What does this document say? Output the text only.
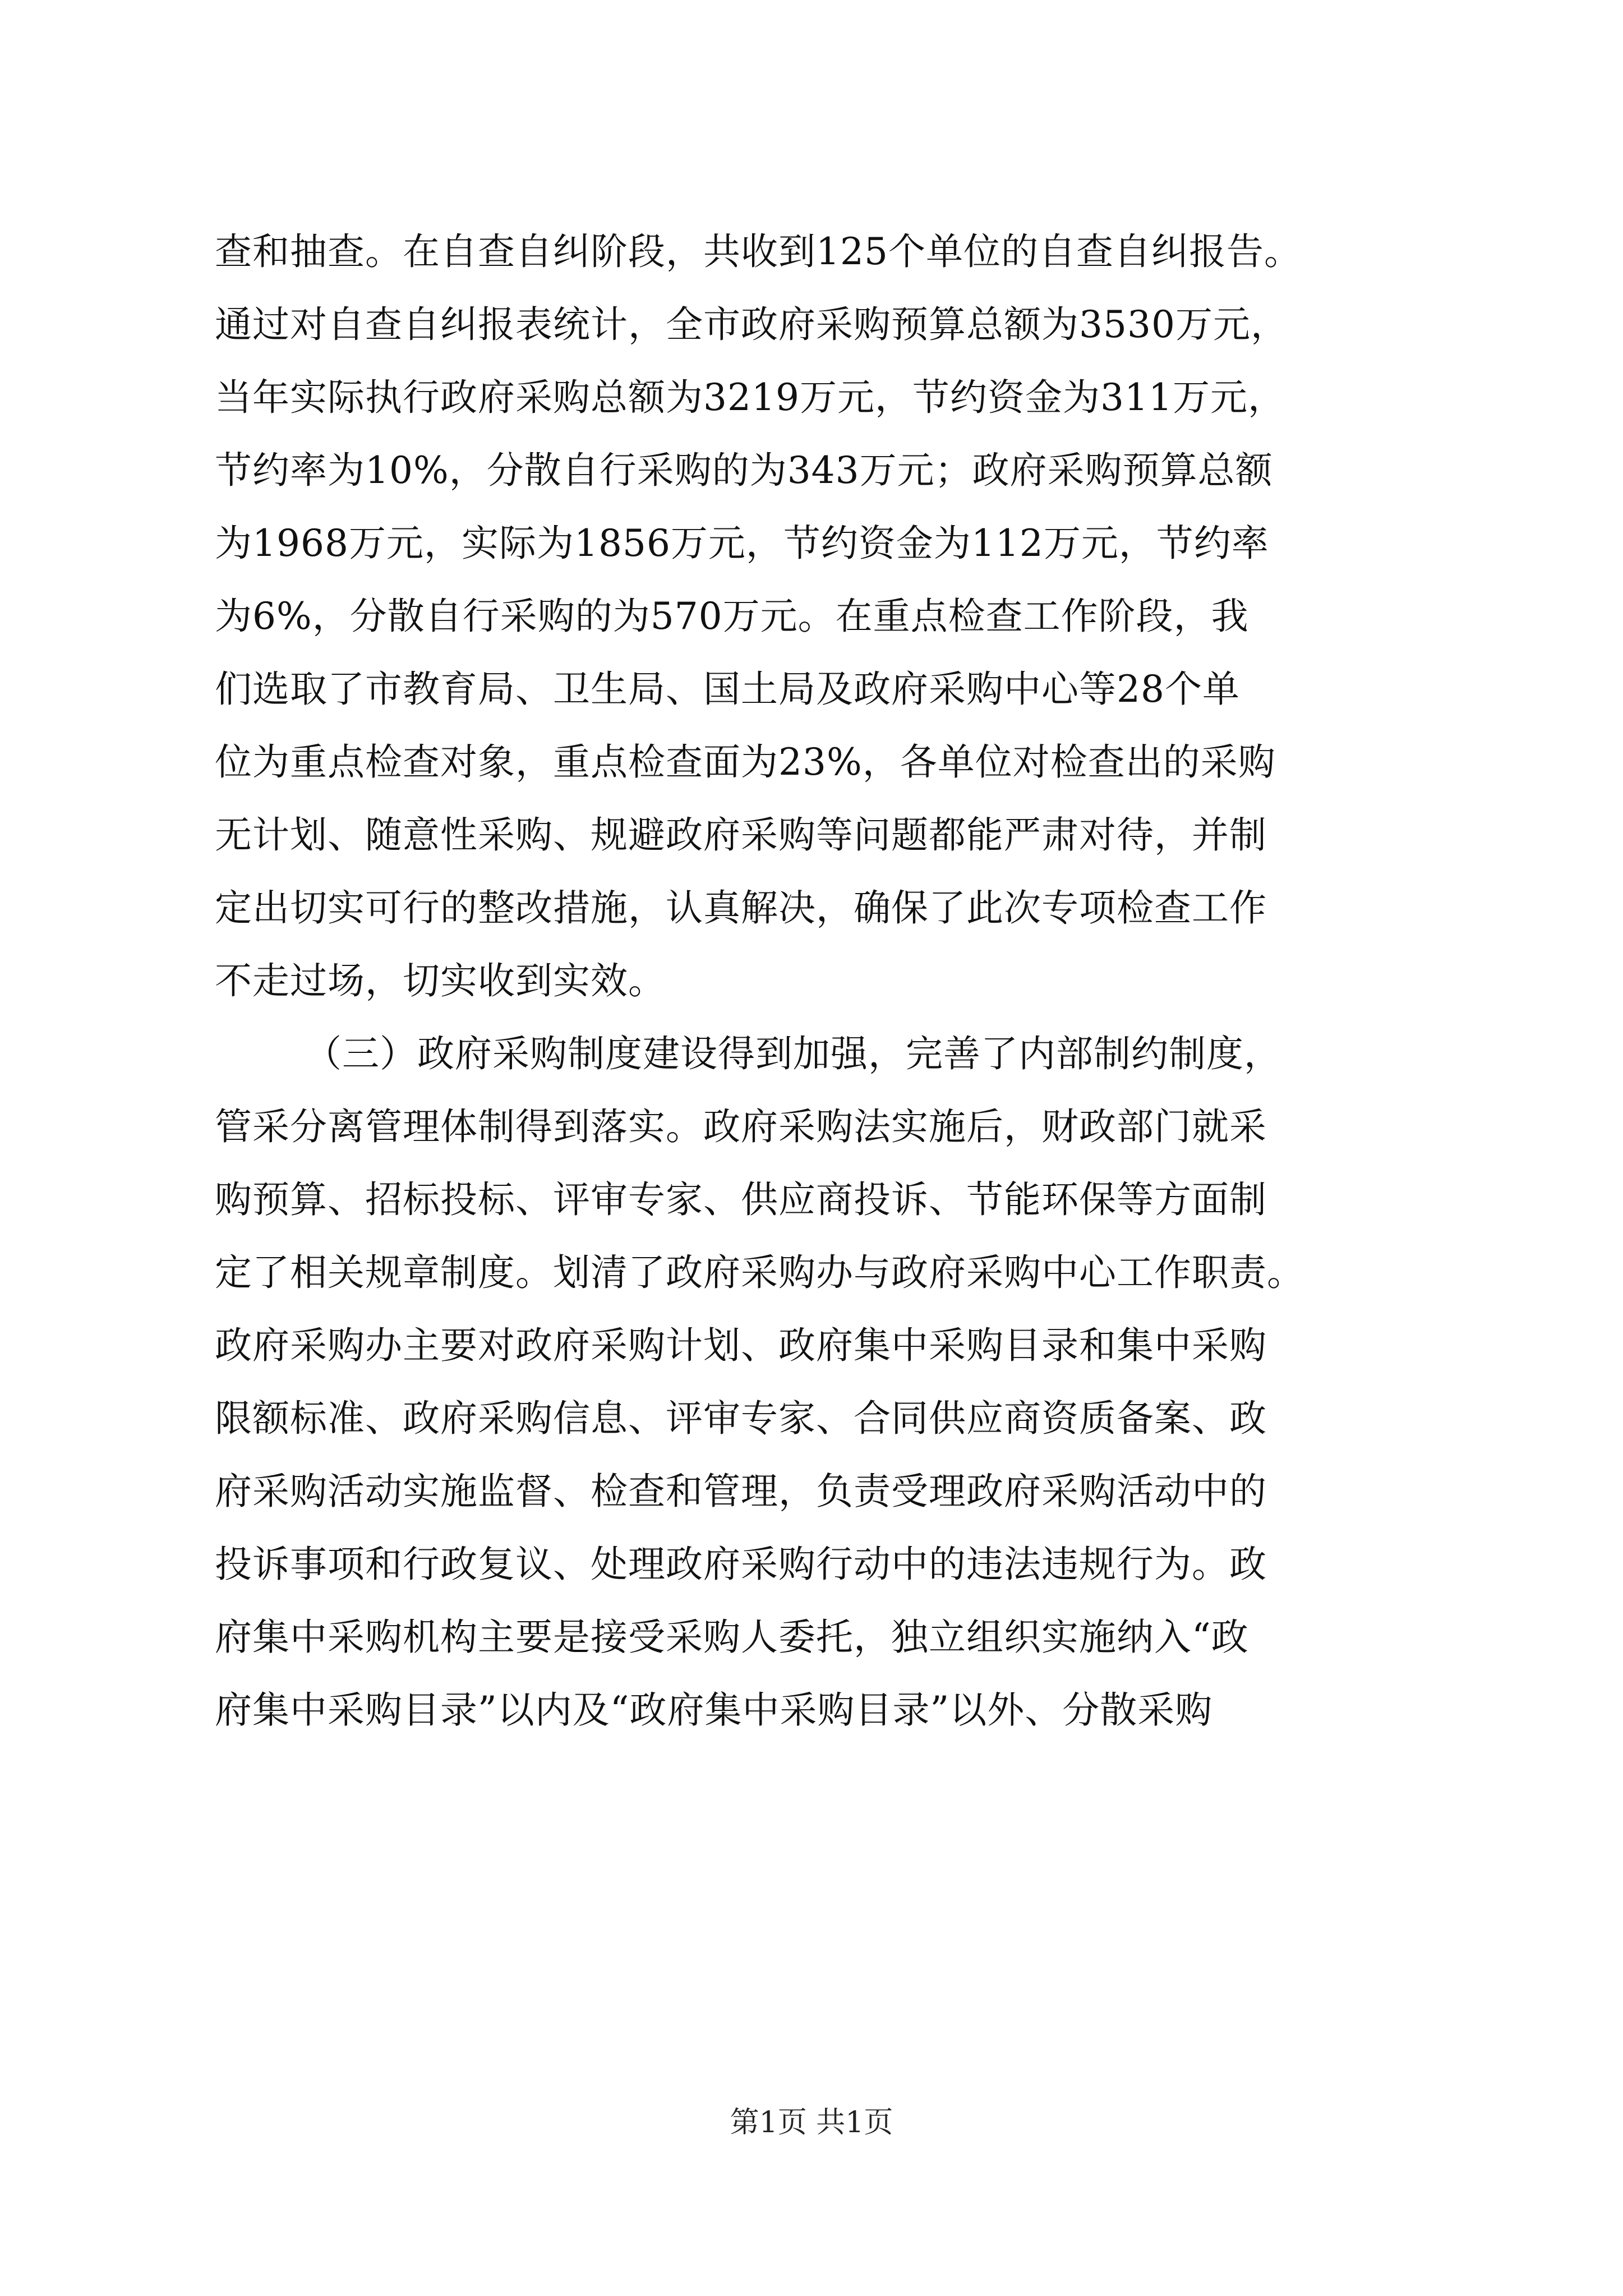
查和抽查。在自查自纠阶段，共收到125个单位的自查自纠报告。
通过对自查自纠报表统计，全市政府采购预算总额为3530万元，
当年实际执行政府采购总额为3219万元，节约资金为311万元，
节约率为10%，分散自行采购的为343万元；政府采购预算总额
为1968万元，实际为1856万元，节约资金为112万元，节约率
为6%，分散自行采购的为570万元。在重点检查工作阶段，我
们选取了市教育局、卫生局、国土局及政府采购中心等28个单
位为重点检查对象，重点检查面为23%，各单位对检查出的采购
无计划、随意性采购、规避政府采购等问题都能严肃对待，并制
定出切实可行的整改措施，认真解决，确保了此次专项检查工作
不走过场，切实收到实效。
（三）政府采购制度建设得到加强，完善了内部制约制度，
管采分离管理体制得到落实。政府采购法实施后，财政部门就采
购预算、招标投标、评审专家、供应商投诉、节能环保等方面制
定了相关规章制度。划清了政府采购办与政府采购中心工作职责。
政府采购办主要对政府采购计划、政府集中采购目录和集中采购
限额标准、政府采购信息、评审专家、合同供应商资质备案、政
府采购活动实施监督、检查和管理，负责受理政府采购活动中的
投诉事项和行政复议、处理政府采购行动中的违法违规行为。政
府集中采购机构主要是接受采购人委托，独立组织实施纳入“政
府集中采购目录”以内及“政府集中采购目录”以外、分散采购
第1页 共1页
